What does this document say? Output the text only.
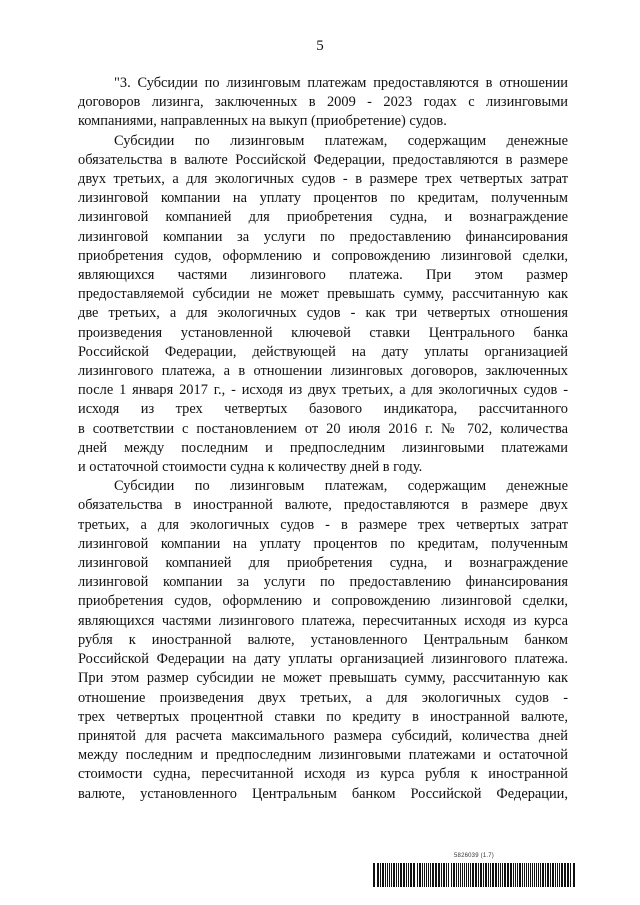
5

"3. Субсидии по лизинговым платежам предоставляются в отношении
договоров лизинга, заключенных в 2009 - 2023 годах с лизинговыми
компаниями, направленных на выкуп (приобретение) судов.

Субсидии по лизинговым платежам, содержащим денежные
обязательства в валюте Российской Федерации, предоставляются в размере
двух третьих, а для экологичных судов - в размере трех четвертых затрат
лизинговой компании на уплату процентов по кредитам, полученным
лизинговой компанией для приобретения судна, и вознаграждение
лизинговой компании за услуги по предоставлению финансирования
приобретения судов, оформлению и сопровождению лизинговой сделки,
являющихся частями лизингового платежа. При этом размер
предоставляемой субсидии не может превышать сумму, рассчитанную как
две третьих, а для экологичных судов - как три четвертых отношения
произведения установленной ключевой ставки Центрального банка
Российской Федерации, действующей на дату уплаты организацией
лизингового платежа, а в отношении лизинговых договоров, заключенных
после 1 января 2017 г., - исходя из двух третьих, а для экологичных судов -
исходя из трех четвертых базового индикатора, рассчитанного
в соответствии с постановлением от 20 июля 2016 г. № 702, количества
дней между последним и предпоследним лизинговыми платежами
и остаточной стоимости судна к количеству дней в году.

Субсидии по лизинговым платежам, содержащим денежные
обязательства в иностранной валюте, предоставляются в размере двух
третьих, а для экологичных судов - в размере трех четвертых затрат
лизинговой компании на уплату процентов по кредитам, полученным
лизинговой компанией для приобретения судна, и вознаграждение
лизинговой компании за услуги по предоставлению финансирования
приобретения судов, оформлению и сопровождению лизинговой сделки,
являющихся частями лизингового платежа, пересчитанных исходя из курса
рубля к иностранной валюте, установленного Центральным банком
Российской Федерации на дату уплаты организацией лизингового платежа.
При этом размер субсидии не может превышать сумму, рассчитанную как
отношение произведения двух третьих, а для экологичных судов -
трех четвертых процентной ставки по кредиту в иностранной валюте,
принятой для расчета максимального размера субсидий, количества дней
между последним и предпоследним лизинговыми платежами и остаточной
стоимости судна, пересчитанной исходя из курса рубля к иностранной
валюте, установленного Центральным банком Российской Федерации,

5826039 (1.7)
